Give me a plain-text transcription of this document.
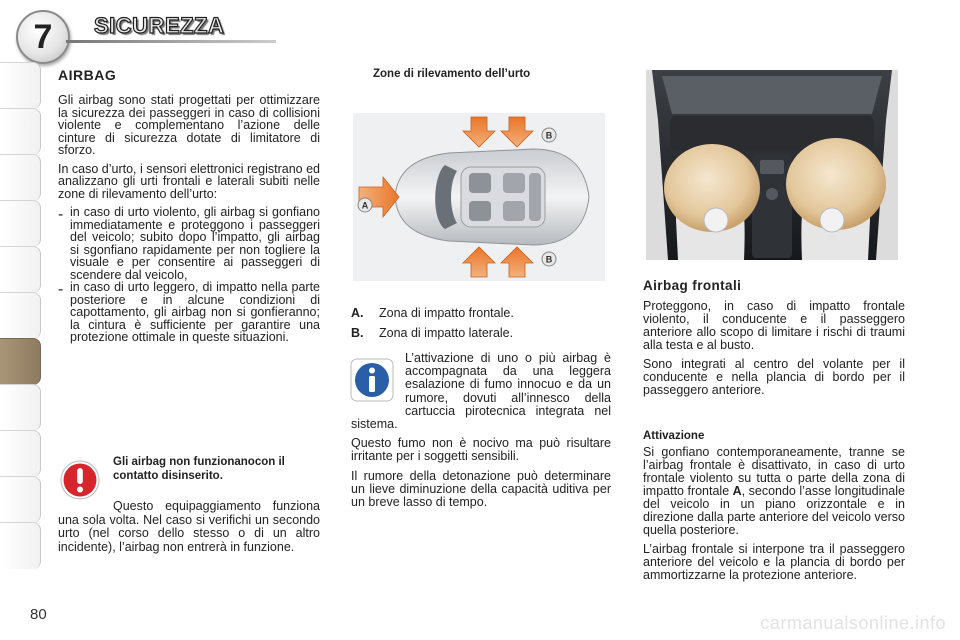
7 SICUREZZA
AIRBAG

Gli airbag sono stati progettati per ottimizzare la sicurezza dei passeggeri in caso di collisioni violente e complementano l’azione delle cinture di sicurezza dotate di limitatore di sforzo.

In caso d’urto, i sensori elettronici registrano ed analizzano gli urti frontali e laterali subiti nelle zone di rilevamento dell’urto:

- in caso di urto violento, gli airbag si gonfiano immediatamente e proteggono i passeggeri del veicolo; subito dopo l’impatto, gli airbag si sgonfiano rapidamente per non togliere la visuale e per consentire ai passeggeri di scendere dal veicolo,
- in caso di urto leggero, di impatto nella parte posteriore e in alcune condizioni di capottamento, gli airbag non si gonfieranno; la cintura è sufficiente per garantire una protezione ottimale in queste situazioni.
Gli airbag non funzionanocon il contatto disinserito.
Questo equipaggiamento funziona una sola volta. Nel caso si verifichi un secondo urto (nel corso dello stesso o di un altro incidente), l’airbag non entrerà in funzione.
Zone di rilevamento dell’urto
A
B
B
A.	Zona di impatto frontale.
B.	Zona di impatto laterale.

L’attivazione di uno o più airbag è accompagnata da una leggera esalazione di fumo innocuo e da un rumore, dovuti all’innesco della cartuccia pirotecnica integrata nel sistema.

Questo fumo non è nocivo ma può risultare irritante per i soggetti sensibili.

Il rumore della detonazione può determinare un lieve diminuzione della capacità uditiva per un breve lasso di tempo.

Airbag frontali

Proteggono, in caso di impatto frontale violento, il conducente e il passeggero anteriore allo scopo di limitare i rischi di traumi alla testa e al busto.

Sono integrati al centro del volante per il conducente e nella plancia di bordo per il passeggero anteriore.

Attivazione

Si gonfiano contemporaneamente, tranne se l’airbag frontale è disattivato, in caso di urto frontale violento su tutta o parte della zona di impatto frontale A, secondo l’asse longitudinale del veicolo in un piano orizzontale e in direzione dalla parte anteriore del veicolo verso quella posteriore.

L’airbag frontale si interpone tra il passeggero anteriore del veicolo e la plancia di bordo per ammortizzarne la protezione anteriore.

80	carmanualsonline.info
